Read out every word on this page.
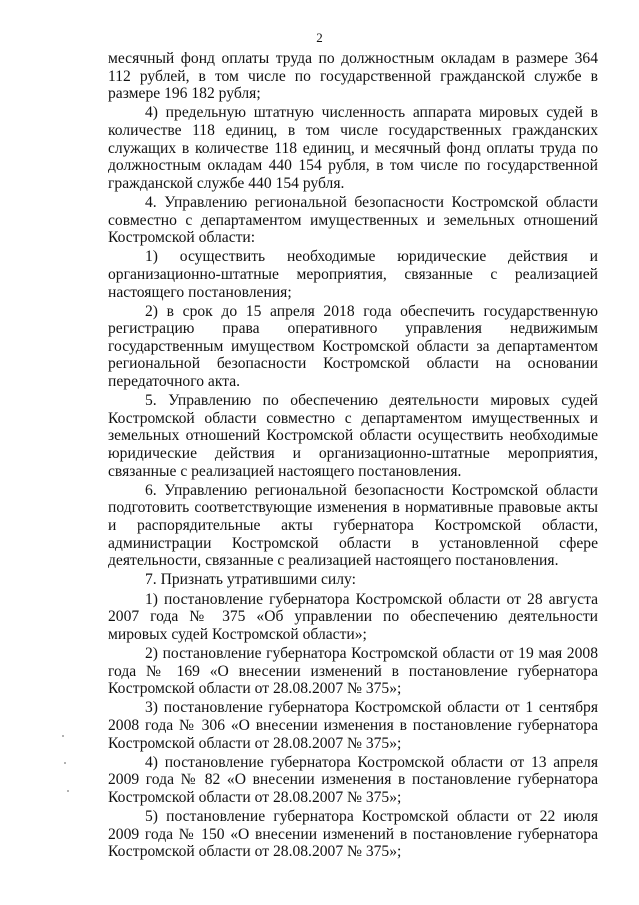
2

месячный фонд оплаты труда по должностным окладам в размере 364 112 рублей, в том числе по государственной гражданской службе в размере 196 182 рубля;

4) предельную штатную численность аппарата мировых судей в количестве 118 единиц, в том числе государственных гражданских служащих в количестве 118 единиц, и месячный фонд оплаты труда по должностным окладам 440 154 рубля, в том числе по государственной гражданской службе 440 154 рубля.

4. Управлению региональной безопасности Костромской области совместно с департаментом имущественных и земельных отношений Костромской области:

1) осуществить необходимые юридические действия и организационно-штатные мероприятия, связанные с реализацией настоящего постановления;

2) в срок до 15 апреля 2018 года обеспечить государственную регистрацию права оперативного управления недвижимым государственным имуществом Костромской области за департаментом региональной безопасности Костромской области на основании передаточного акта.

5. Управлению по обеспечению деятельности мировых судей Костромской области совместно с департаментом имущественных и земельных отношений Костромской области осуществить необходимые юридические действия и организационно-штатные мероприятия, связанные с реализацией настоящего постановления.

6. Управлению региональной безопасности Костромской области подготовить соответствующие изменения в нормативные правовые акты и распорядительные акты губернатора Костромской области, администрации Костромской области в установленной сфере деятельности, связанные с реализацией настоящего постановления.

7. Признать утратившими силу:

1) постановление губернатора Костромской области от 28 августа 2007 года № 375 «Об управлении по обеспечению деятельности мировых судей Костромской области»;

2) постановление губернатора Костромской области от 19 мая 2008 года № 169 «О внесении изменений в постановление губернатора Костромской области от 28.08.2007 № 375»;

3) постановление губернатора Костромской области от 1 сентября 2008 года № 306 «О внесении изменения в постановление губернатора Костромской области от 28.08.2007 № 375»;

4) постановление губернатора Костромской области от 13 апреля 2009 года № 82 «О внесении изменения в постановление губернатора Костромской области от 28.08.2007 № 375»;

5) постановление губернатора Костромской области от 22 июля 2009 года № 150 «О внесении изменений в постановление губернатора Костромской области от 28.08.2007 № 375»;
